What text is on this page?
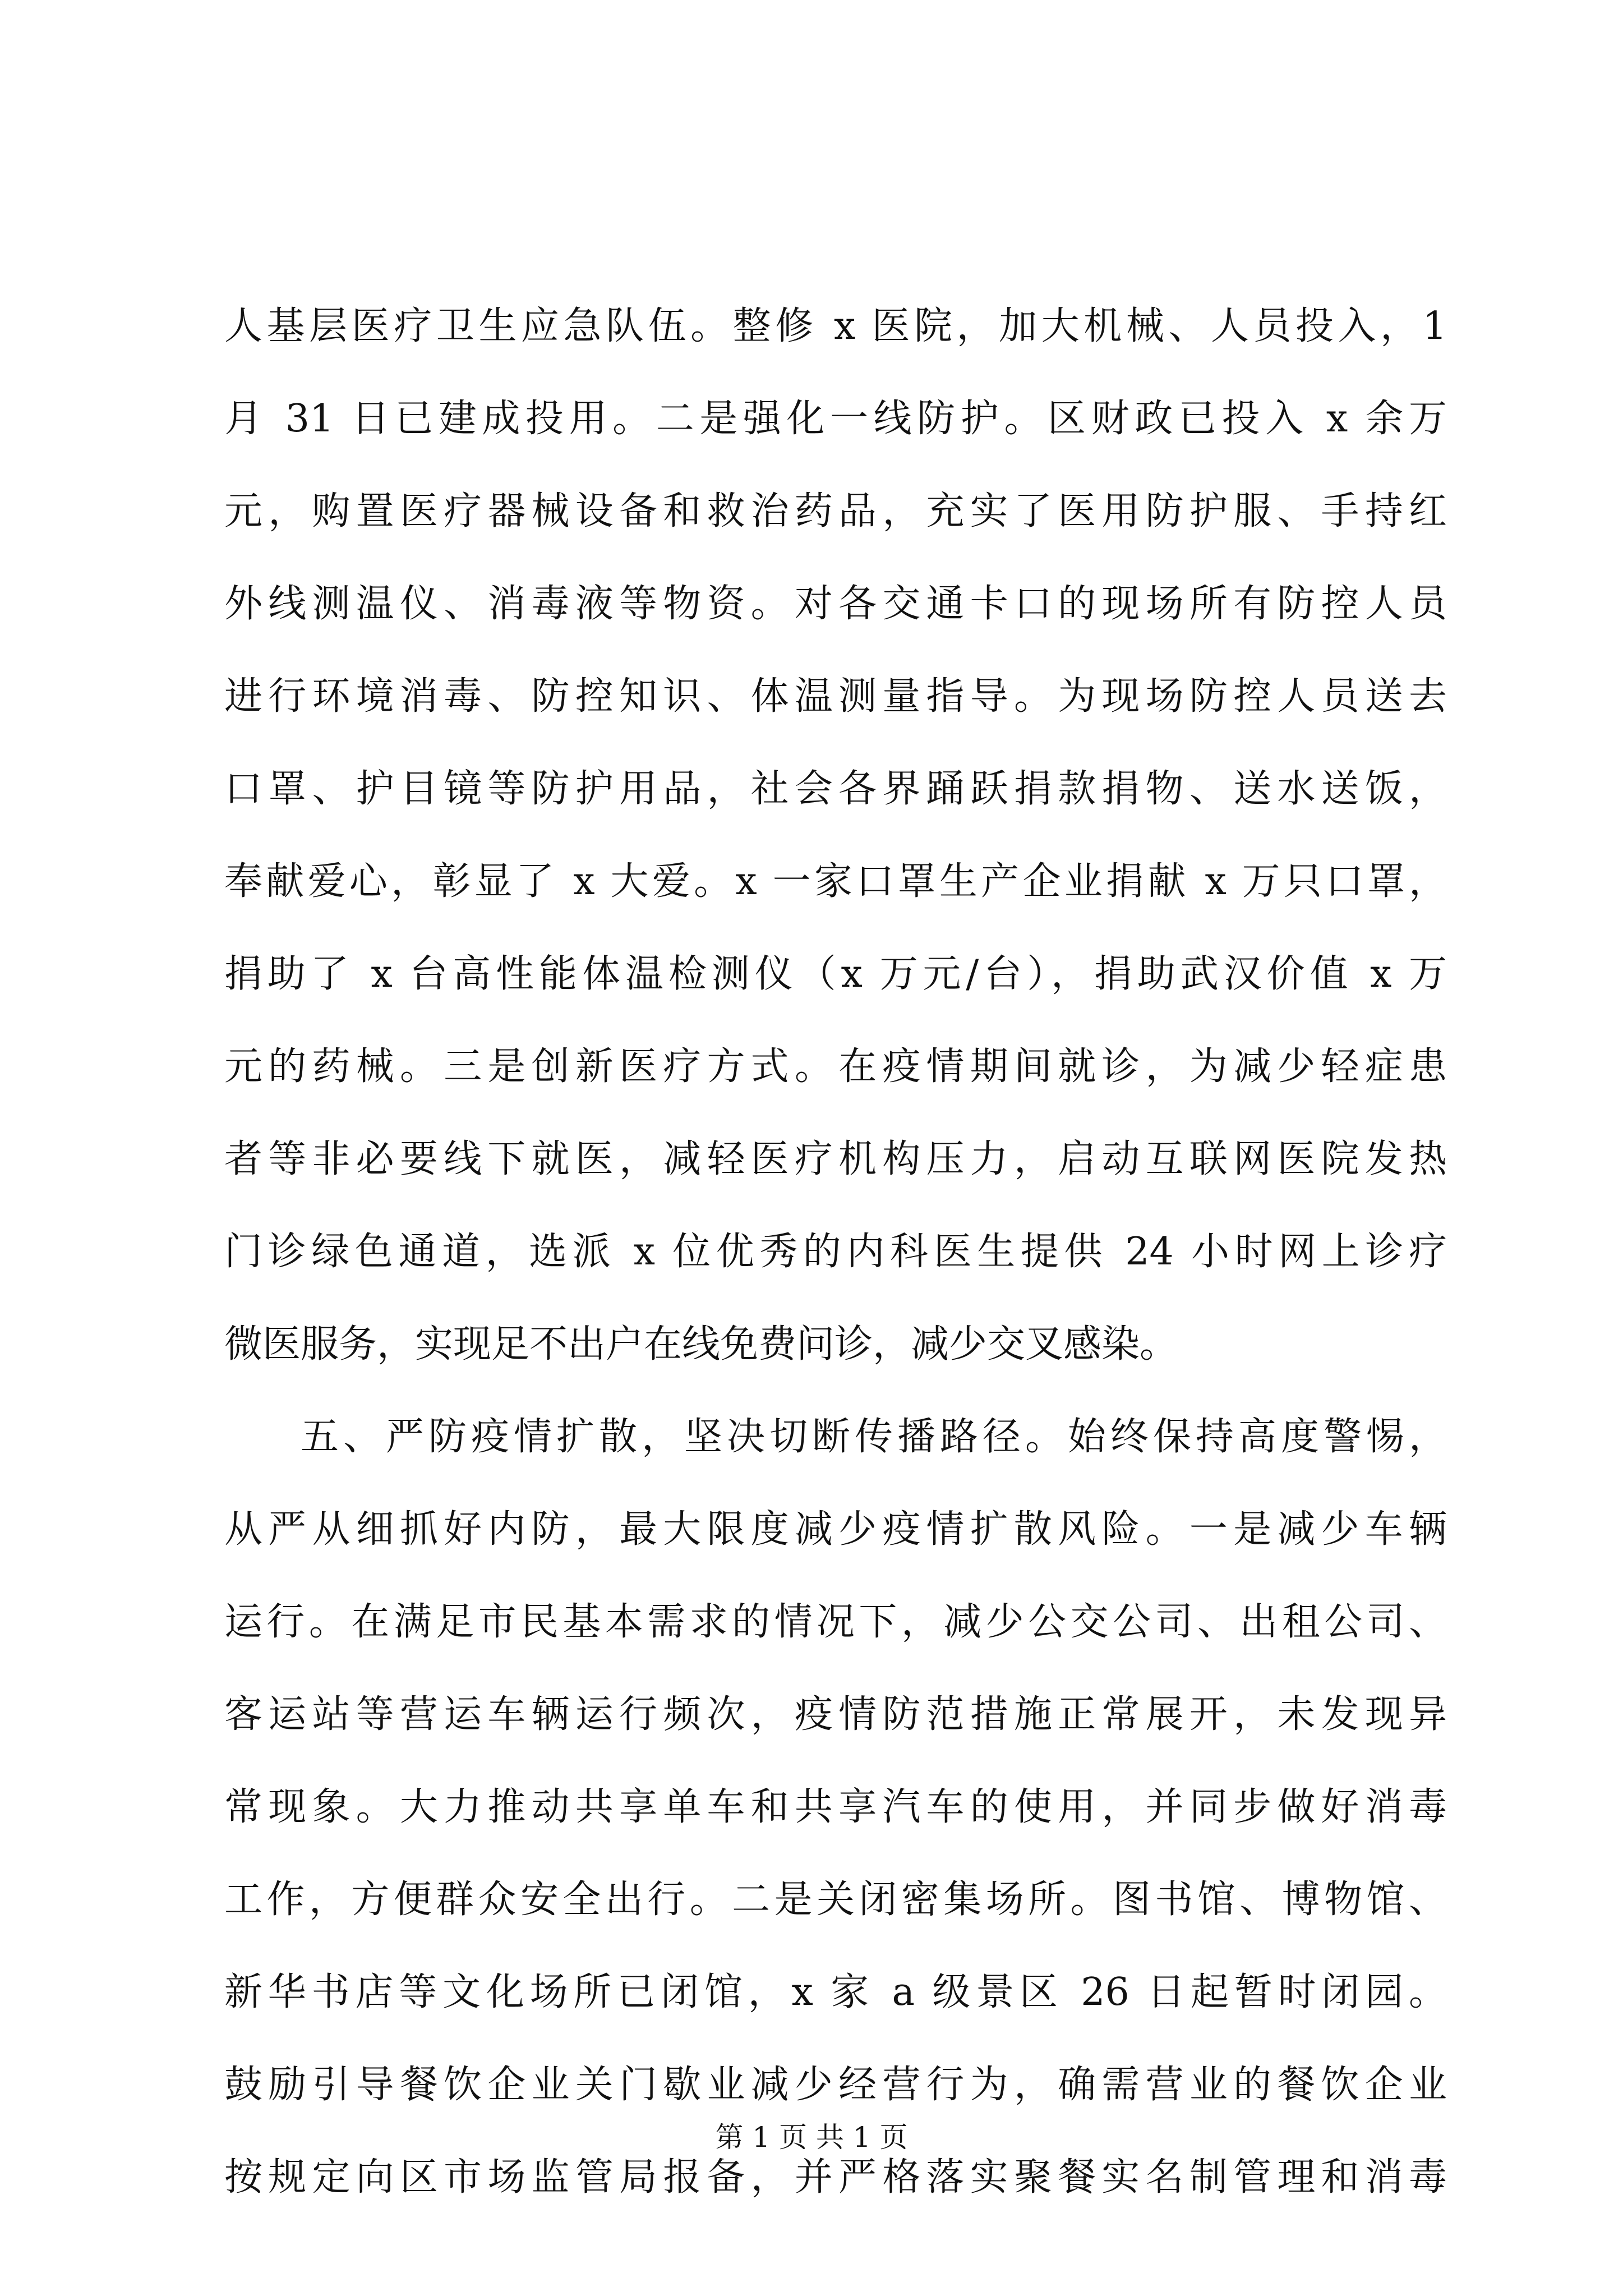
人基层医疗卫生应急队伍。整修 x 医院，加大机械、人员投入，1
月 31 日已建成投用。二是强化一线防护。区财政已投入 x 余万
元，购置医疗器械设备和救治药品，充实了医用防护服、手持红
外线测温仪、消毒液等物资。对各交通卡口的现场所有防控人员
进行环境消毒、防控知识、体温测量指导。为现场防控人员送去
口罩、护目镜等防护用品，社会各界踊跃捐款捐物、送水送饭，
奉献爱心，彰显了 x 大爱。x 一家口罩生产企业捐献 x 万只口罩，
捐助了 x 台高性能体温检测仪（x 万元/台），捐助武汉价值 x 万
元的药械。三是创新医疗方式。在疫情期间就诊，为减少轻症患
者等非必要线下就医，减轻医疗机构压力，启动互联网医院发热
门诊绿色通道，选派 x 位优秀的内科医生提供 24 小时网上诊疗
微医服务，实现足不出户在线免费问诊，减少交叉感染。
五、严防疫情扩散，坚决切断传播路径。始终保持高度警惕，
从严从细抓好内防，最大限度减少疫情扩散风险。一是减少车辆
运行。在满足市民基本需求的情况下，减少公交公司、出租公司、
客运站等营运车辆运行频次，疫情防范措施正常展开，未发现异
常现象。大力推动共享单车和共享汽车的使用，并同步做好消毒
工作，方便群众安全出行。二是关闭密集场所。图书馆、博物馆、
新华书店等文化场所已闭馆，x 家 a 级景区 26 日起暂时闭园。
鼓励引导餐饮企业关门歇业减少经营行为，确需营业的餐饮企业
按规定向区市场监管局报备，并严格落实聚餐实名制管理和消毒
第 1 页 共 1 页
